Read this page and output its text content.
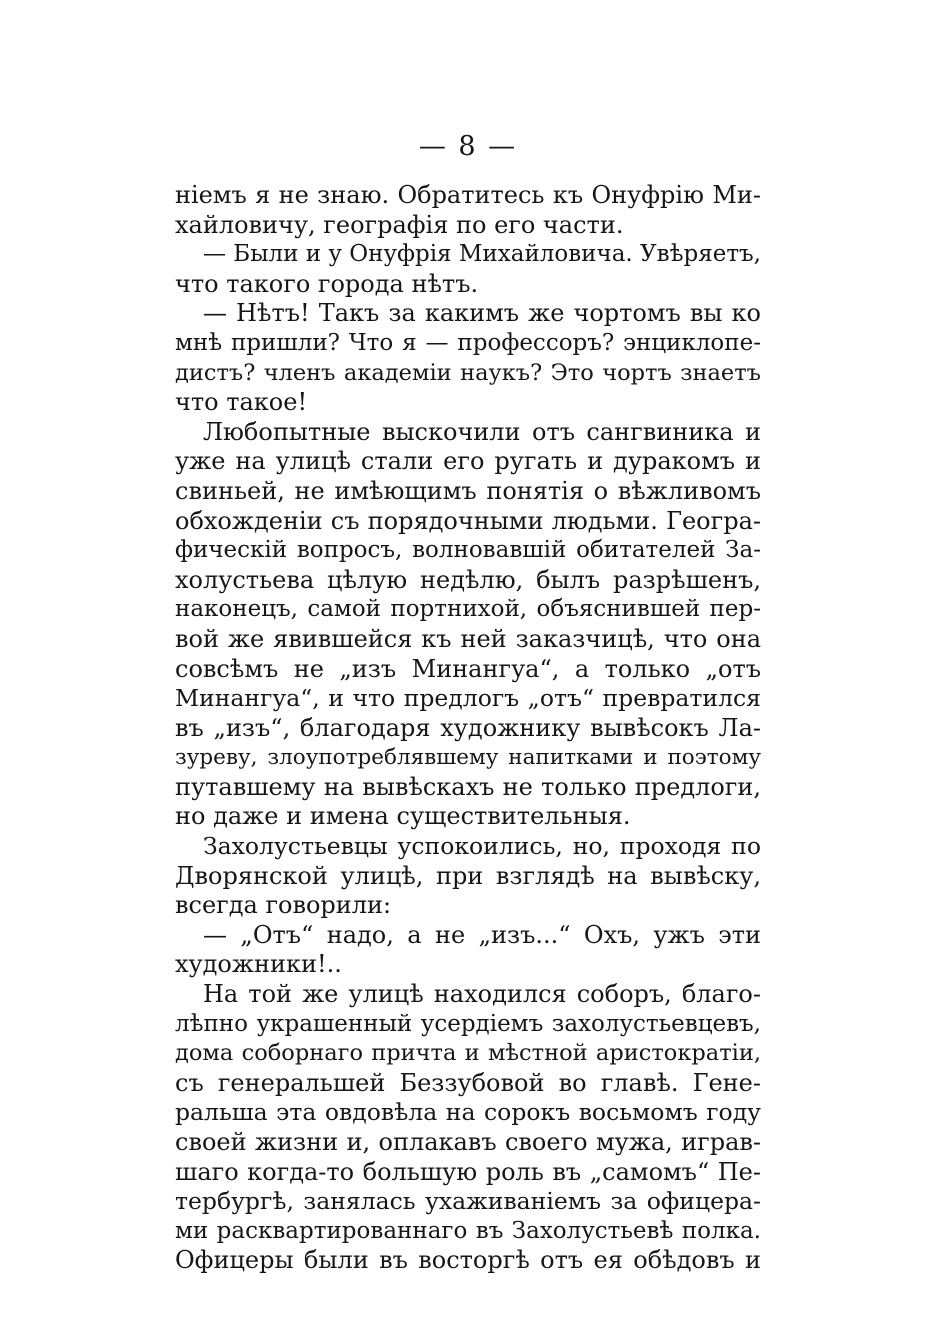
— 8 —
ніемъ я не знаю. Обратитесь къ Онуфрію Ми-
хайловичу, географія по его части.
— Были и у Онуфрія Михайловича. Увѣряетъ,
что такого города нѣтъ.
— Нѣтъ! Такъ за какимъ же чортомъ вы ко
мнѣ пришли? Что я — профессоръ? энциклопе-
дистъ? членъ академіи наукъ? Это чортъ знаетъ
что такое!
Любопытные выскочили отъ сангвиника и
уже на улицѣ стали его ругать и дуракомъ и
свиньей, не имѣющимъ понятія о вѣжливомъ
обхожденіи съ порядочными людьми. Геогра-
фическій вопросъ, волновавшій обитателей За-
холустьева цѣлую недѣлю, былъ разрѣшенъ,
наконецъ, самой портнихой, объяснившей пер-
вой же явившейся къ ней заказчицѣ, что она
совсѣмъ не „изъ Минангуа“, а только „отъ
Минангуа“, и что предлогъ „отъ“ превратился
въ „изъ“, благодаря художнику вывѣсокъ Ла-
зуреву, злоупотреблявшему напитками и поэтому
путавшему на вывѣскахъ не только предлоги,
но даже и имена существительныя.
Захолустьевцы успокоились, но, проходя по
Дворянской улицѣ, при взглядѣ на вывѣску,
всегда говорили:
— „Отъ“ надо, а не „изъ...“ Охъ, ужъ эти
художники!..
На той же улицѣ находился соборъ, благо-
лѣпно украшенный усердіемъ захолустьевцевъ,
дома соборнаго причта и мѣстной аристократіи,
съ генеральшей Беззубовой во главѣ. Гене-
ральша эта овдовѣла на сорокъ восьмомъ году
своей жизни и, оплакавъ своего мужа, играв-
шаго когда-то большую роль въ „самомъ“ Пе-
тербургѣ, занялась ухаживаніемъ за офицера-
ми расквартированнаго въ Захолустьевѣ полка.
Офицеры были въ восторгѣ отъ ея обѣдовъ и
